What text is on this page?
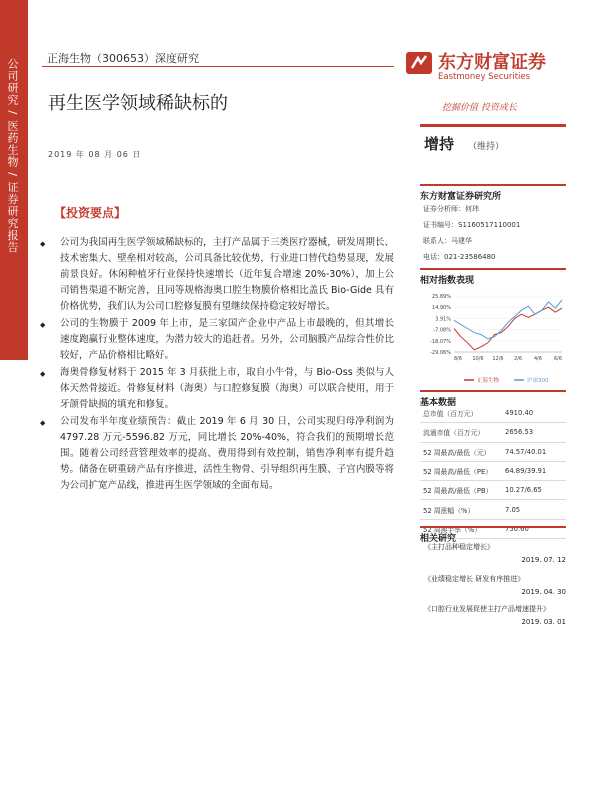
公司研究 / 医药生物 / 证券研究报告	正海生物（300653）深度研究
再生医学领域稀缺标的
2019 年 08 月 06 日
【投资要点】
◆	公司为我国再生医学领域稀缺标的，主打产品属于三类医疗器械，研发周期长、技术密集大、壁垒相对较高，公司具备比较优势，行业进口替代趋势显现，发展前景良好。休闲种植牙行业保持快速增长（近年复合增速 20%-30%），加上公司销售渠道不断完善，且同等规格海奥口腔生物膜价格相比盖氏 Bio-Gide 具有价格优势，我们认为公司口腔修复膜有望继续保持稳定较好增长。
◆	公司的生物膜于 2009 年上市，是三家国产企业中产品上市最晚的，但其增长速度跑赢行业整体速度，为潜力较大的追赶者。另外，公司脑膜产品综合性价比较好，产品价格相比略好。
◆	海奥骨修复材料于 2015 年 3 月获批上市，取自小牛骨，与 Bio-Oss 类似与人体天然骨接近。骨修复材料（海奥）与口腔修复膜（海奥）可以联合使用，用于牙颌骨缺损的填充和修复。
◆	公司发布半年度业绩预告：截止 2019 年 6 月 30 日，公司实现归母净利润为 4797.28 万元-5596.82 万元，同比增长 20%-40%，符合我们的预期增长范围。随着公司经营管理效率的提高、费用得到有效控制，销售净利率有提升趋势。储备在研重磅产品有序推进，活性生物骨、引导组织再生膜、子宫内膜等将为公司扩宽产品线，推进再生医学领域的全面布局。
东方财富证券
Eastmoney Securities
挖掘价值 投资成长
增持 （维持）
东方财富证券研究所
证券分析师：何玮
证书编号：S1160517110001
联系人：马建华
电话：021-23586480
相对指数表现
25.89%
14.90%
3.91%
-7.08%
-18.07%
-29.06%
8/6 10/6 12/6 2/6 4/6 6/6
正海生物	沪深300
基本数据
总市值（百万元）	4910.40
流通市值（百万元）	2656.53
52 周最高/最低（元）	74.57/40.01
52 周最高/最低（PE）	64.89/39.91
52 周最高/最低（PB）	10.27/6.65
52 周涨幅（%）	7.05
52 周换手率（%）	750.60
相关研究
《主打品种稳定增长》
2019. 07. 12
《业绩稳定增长 研发有序推进》
2019. 04. 30
《口腔行业发展促使主打产品增速提升》
2019. 03. 01
